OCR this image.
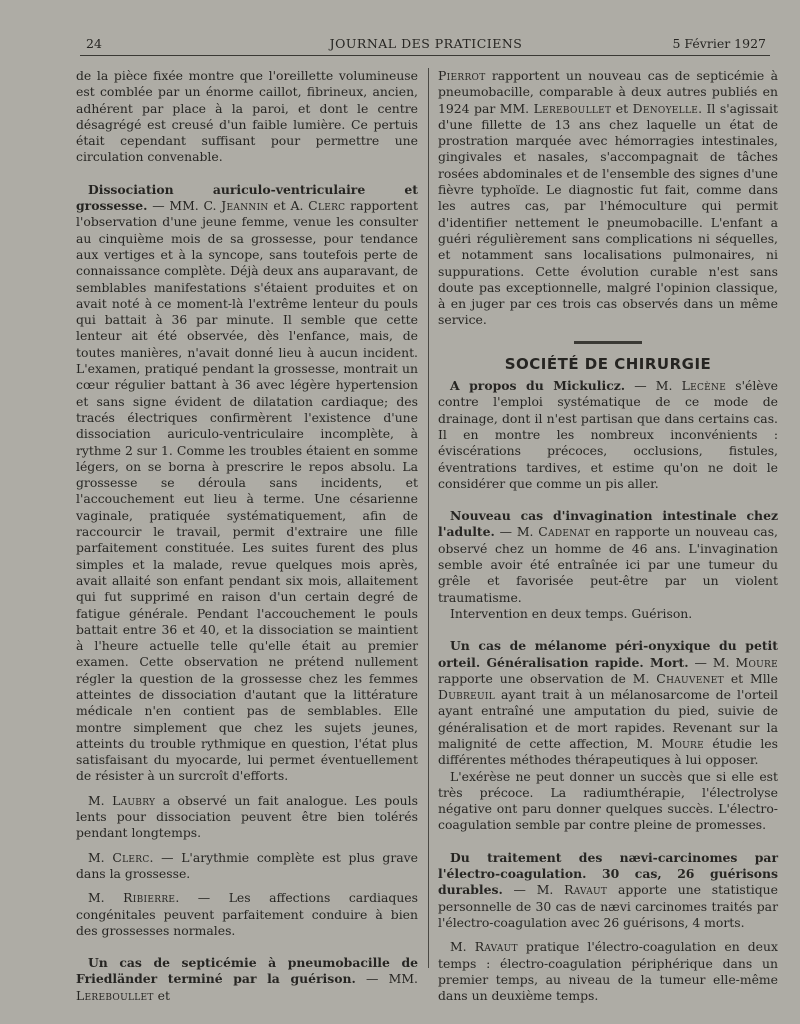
24	JOURNAL DES PRATICIENS	5 Février 1927

de la pièce fixée montre que l'oreillette volumineuse est comblée par un énorme caillot, fibrineux, ancien, adhérent par place à la paroi, et dont le centre désagrégé est creusé d'un faible lumière. Ce pertuis était cependant suffisant pour permettre une circulation convenable.

Dissociation auriculo-ventriculaire et grossesse. — MM. C. Jeannin et A. Clerc rapportent l'observation d'une jeune femme, venue les consulter au cinquième mois de sa grossesse, pour tendance aux vertiges et à la syncope, sans toutefois perte de connaissance complète. Déjà deux ans auparavant, de semblables manifestations s'étaient produites et on avait noté à ce moment-là l'extrême lenteur du pouls qui battait à 36 par minute. Il semble que cette lenteur ait été observée, dès l'enfance, mais, de toutes manières, n'avait donné lieu à aucun incident. L'examen, pratiqué pendant la grossesse, montrait un cœur régulier battant à 36 avec légère hypertension et sans signe évident de dilatation cardiaque; des tracés électriques confirmèrent l'existence d'une dissociation auriculo-ventriculaire incomplète, à rythme 2 sur 1. Comme les troubles étaient en somme légers, on se borna à prescrire le repos absolu. La grossesse se déroula sans incidents, et l'accouchement eut lieu à terme. Une césarienne vaginale, pratiquée systématiquement, afin de raccourcir le travail, permit d'extraire une fille parfaitement constituée. Les suites furent des plus simples et la malade, revue quelques mois après, avait allaité son enfant pendant six mois, allaitement qui fut supprimé en raison d'un certain degré de fatigue générale. Pendant l'accouchement le pouls battait entre 36 et 40, et la dissociation se maintient à l'heure actuelle telle qu'elle était au premier examen. Cette observation ne prétend nullement régler la question de la grossesse chez les femmes atteintes de dissociation d'autant que la littérature médicale n'en contient pas de semblables. Elle montre simplement que chez les sujets jeunes, atteints du trouble rythmique en question, l'état plus satisfaisant du myocarde, lui permet éventuellement de résister à un surcroît d'efforts.

M. Laubry a observé un fait analogue. Les pouls lents pour dissociation peuvent être bien tolérés pendant longtemps.

M. Clerc. — L'arythmie complète est plus grave dans la grossesse.

M. Ribierre. — Les affections cardiaques congénitales peuvent parfaitement conduire à bien des grossesses normales.

Un cas de septicémie à pneumobacille de Friedländer terminé par la guérison. — MM. Lereboullet et

Pierrot rapportent un nouveau cas de septicémie à pneumobacille, comparable à deux autres publiés en 1924 par MM. Lereboullet et Denoyelle. Il s'agissait d'une fillette de 13 ans chez laquelle un état de prostration marquée avec hémorragies intestinales, gingivales et nasales, s'accompagnait de tâches rosées abdominales et de l'ensemble des signes d'une fièvre typhoïde. Le diagnostic fut fait, comme dans les autres cas, par l'hémoculture qui permit d'identifier nettement le pneumobacille. L'enfant a guéri régulièrement sans complications ni séquelles, et notamment sans localisations pulmonaires, ni suppurations. Cette évolution curable n'est sans doute pas exceptionnelle, malgré l'opinion classique, à en juger par ces trois cas observés dans un même service.

SOCIÉTÉ DE CHIRURGIE

A propos du Mickulicz. — M. Lecène s'élève contre l'emploi systématique de ce mode de drainage, dont il n'est partisan que dans certains cas. Il en montre les nombreux inconvénients : éviscérations précoces, occlusions, fistules, éventrations tardives, et estime qu'on ne doit le considérer que comme un pis aller.

Nouveau cas d'invagination intestinale chez l'adulte. — M. Cadenat en rapporte un nouveau cas, observé chez un homme de 46 ans. L'invagination semble avoir été entraînée ici par une tumeur du grêle et favorisée peut-être par un violent traumatisme.

Intervention en deux temps. Guérison.

Un cas de mélanome péri-onyxique du petit orteil. Généralisation rapide. Mort. — M. Moure rapporte une observation de M. Chauvenet et Mlle Dubreuil ayant trait à un mélanosarcome de l'orteil ayant entraîné une amputation du pied, suivie de généralisation et de mort rapides. Revenant sur la malignité de cette affection, M. Moure étudie les différentes méthodes thérapeutiques à lui opposer.

L'exérèse ne peut donner un succès que si elle est très précoce. La radiumthérapie, l'électrolyse négative ont paru donner quelques succès. L'électro-coagulation semble par contre pleine de promesses.

Du traitement des nævi-carcinomes par l'électro-coagulation. 30 cas, 26 guérisons durables. — M. Ravaut apporte une statistique personnelle de 30 cas de nævi carcinomes traités par l'électro-coagulation avec 26 guérisons, 4 morts.

M. Ravaut pratique l'électro-coagulation en deux temps : électro-coagulation périphérique dans un premier temps, au niveau de la tumeur elle-même dans un deuxième temps.
